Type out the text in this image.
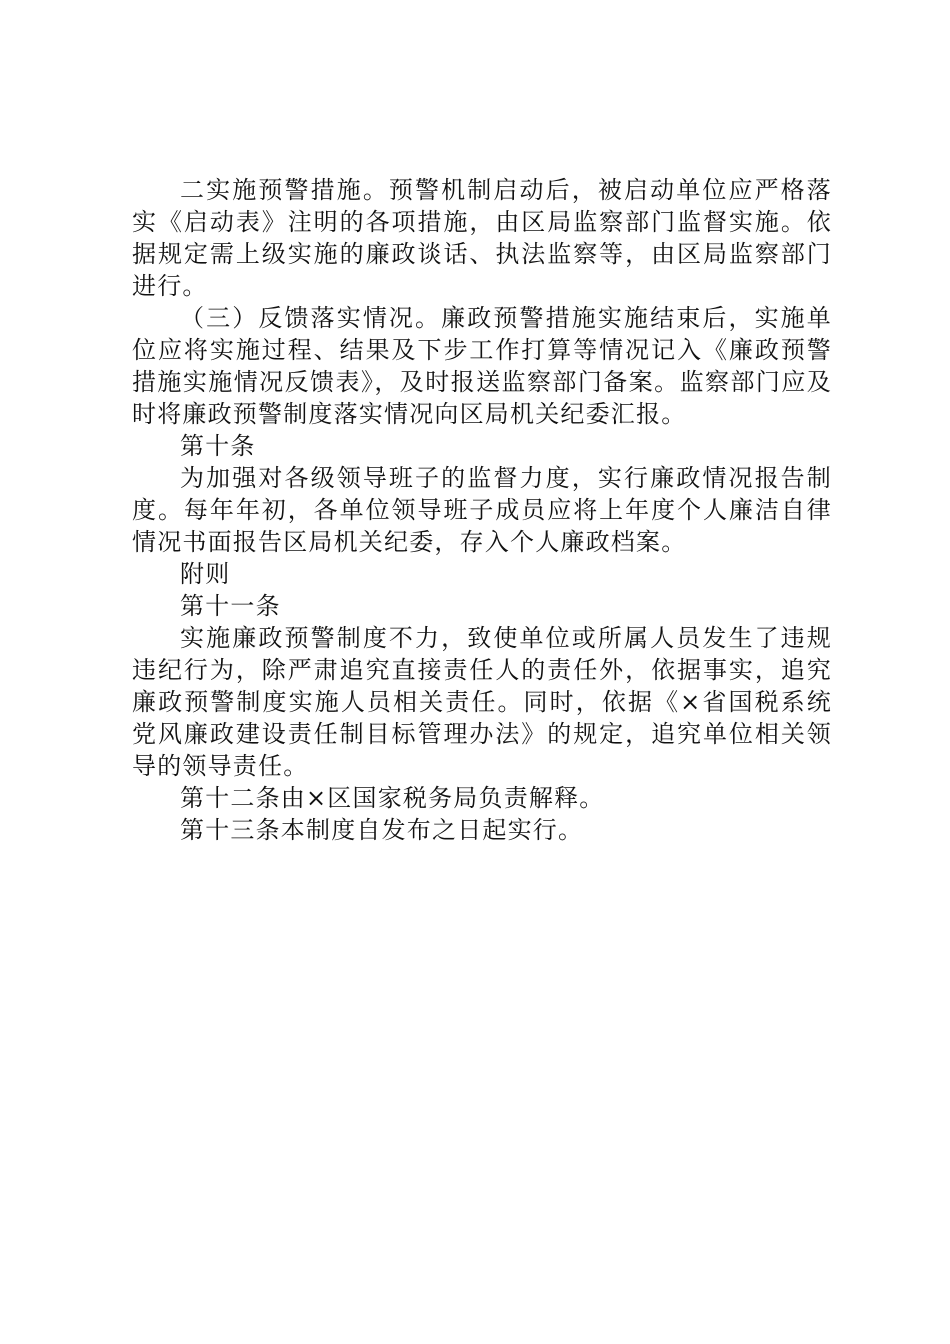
二实施预警措施。预警机制启动后，被启动单位应严格落实《启动表》注明的各项措施，由区局监察部门监督实施。依据规定需上级实施的廉政谈话、执法监察等，由区局监察部门进行。

（三）反馈落实情况。廉政预警措施实施结束后，实施单位应将实施过程、结果及下步工作打算等情况记入《廉政预警措施实施情况反馈表》，及时报送监察部门备案。监察部门应及时将廉政预警制度落实情况向区局机关纪委汇报。

第十条

为加强对各级领导班子的监督力度，实行廉政情况报告制度。每年年初，各单位领导班子成员应将上年度个人廉洁自律情况书面报告区局机关纪委，存入个人廉政档案。

附则

第十一条

实施廉政预警制度不力，致使单位或所属人员发生了违规违纪行为，除严肃追究直接责任人的责任外，依据事实，追究廉政预警制度实施人员相关责任。同时，依据《×省国税系统党风廉政建设责任制目标管理办法》的规定，追究单位相关领导的领导责任。

第十二条由×区国家税务局负责解释。

第十三条本制度自发布之日起实行。
